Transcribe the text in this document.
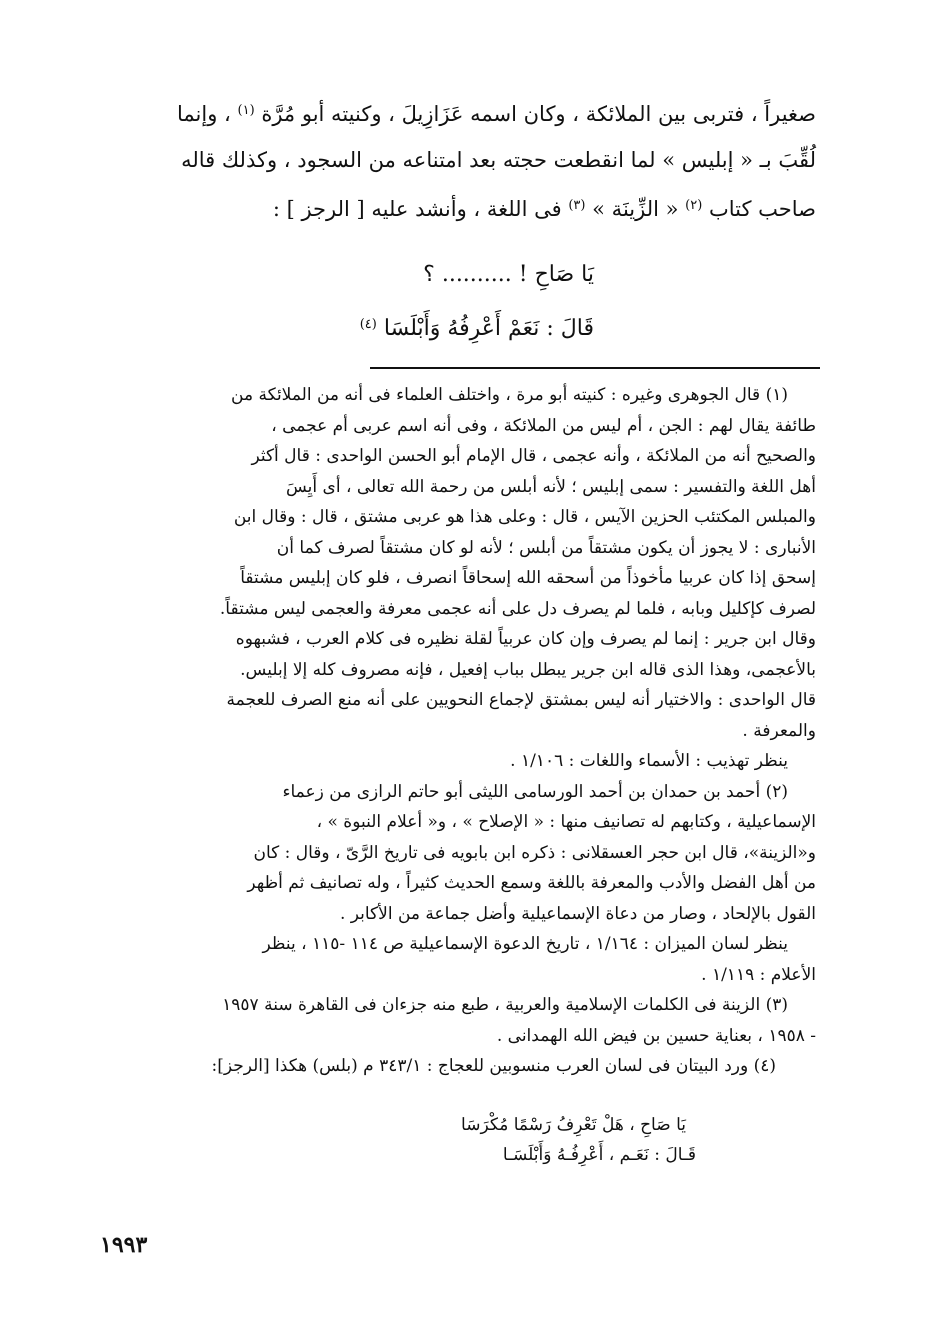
صغيراً ، فتربى بين الملائكة ، وكان اسمه عَزَازِيلَ ، وكنيته أبو مُرَّة $^{(١)}$ ، وإنما
لُقِّبَ بـ « إبليس » لما انقطعت حجته بعد امتناعه من السجود ، وكذلك قاله
صاحب كتاب $^{(٢)}$ « الزِّينَة » $^{(٣)}$ فى اللغة ، وأنشد عليه [ الرجز ] :
يَا صَاحِ ! .......... ؟
قَالَ : نَعَمْ أَعْرِفُهُ وَأَبْلَسَا $^{(٤)}$
(١) قال الجوهرى وغيره : كنيته أبو مرة ، واختلف العلماء فى أنه من الملائكة من
طائفة يقال لهم : الجن ، أم ليس من الملائكة ، وفى أنه اسم عربى أم عجمى ،
والصحيح أنه من الملائكة ، وأنه عجمى ، قال الإمام أبو الحسن الواحدى : قال أكثر
أهل اللغة والتفسير : سمى إبليس ؛ لأنه أبلس من رحمة الله تعالى ، أى أَيِسَ
والمبلس المكتئب الحزين الآيس ، قال : وعلى هذا هو عربى مشتق ، قال : وقال ابن
الأنبارى : لا يجوز أن يكون مشتقاً من أبلس ؛ لأنه لو كان مشتقاً لصرف كما أن
إسحق إذا كان عربيا مأخوذاً من أسحقه الله إسحاقاً انصرف ، فلو كان إبليس مشتقاً
لصرف كإكليل وبابه ، فلما لم يصرف دل على أنه عجمى معرفة والعجمى ليس مشتقاً.
وقال ابن جرير : إنما لم يصرف وإن كان عربياً لقلة نظيره فى كلام العرب ، فشبهوه
بالأعجمى، وهذا الذى قاله ابن جرير يبطل بباب إفعيل ، فإنه مصروف كله إلا إبليس.
قال الواحدى : والاختيار أنه ليس بمشتق لإجماع النحويين على أنه منع الصرف للعجمة
والمعرفة .
ينظر تهذيب : الأسماء واللغات : ١/١٠٦ .
(٢) أحمد بن حمدان بن أحمد الورسامى الليثى أبو حاتم الرازى من زعماء
الإسماعيلية ، وكتابهم له تصانيف منها : « الإصلاح » ، و« أعلام النبوة » ،
و«الزينة»، قال ابن حجر العسقلانى : ذكره ابن بابويه فى تاريخ الرَّىّ ، وقال : كان
من أهل الفضل والأدب والمعرفة باللغة وسمع الحديث كثيراً ، وله تصانيف ثم أظهر
القول بالإلحاد ، وصار من دعاة الإسماعيلية وأضل جماعة من الأكابر .
ينظر لسان الميزان : ١/١٦٤ ، تاريخ الدعوة الإسماعيلية ص ١١٤ -١١٥ ، ينظر
الأعلام : ١/١١٩ .
(٣) الزينة فى الكلمات الإسلامية والعربية ، طبع منه جزءان فى القاهرة سنة ١٩٥٧
- ١٩٥٨ ، بعناية حسين بن فيض الله الهمدانى .
(٤) ورد البيتان فى لسان العرب منسوبين للعجاج : ٣٤٣/١ م (بلس) هكذا [الرجز]:
يَا صَاحِ ، هَلْ تَعْرِفُ رَسْمًا مُكْرَسَا
قَـالَ : نَعَـم ، أَعْرِفُـهُ وَأَبْلَسَـا
١٩٩٣
